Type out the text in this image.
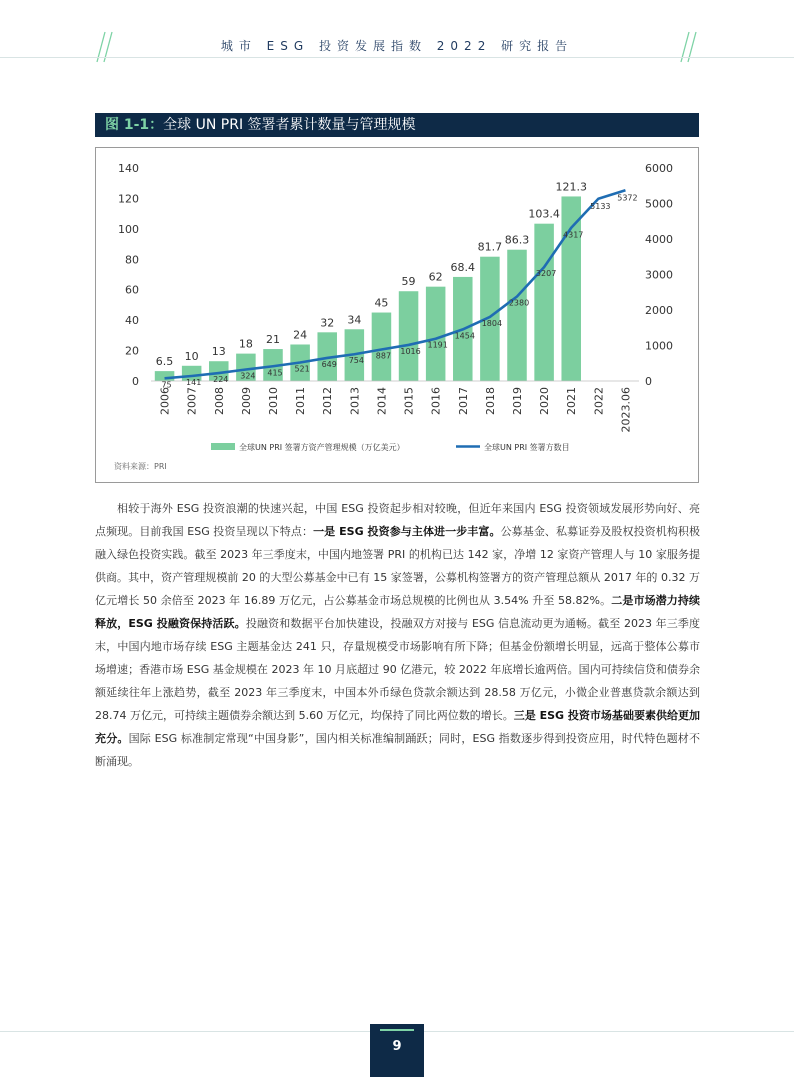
城市 ESG 投资发展指数 2022 研究报告
图 1-1：全球 UN PRI 签署者累计数量与管理规模
0
20
40
60
80
100
120
140
0
1000
2000
3000
4000
5000
6000
6.5 10 13
18 21 24
32 34
45
59 62
68.4
81.7
86.3
103.4
121.3
75 141 224 324 415 521
649 754
887
1016
1191
1454
1804
2380
3207
4317
5133
5372
2006 2007 2008 2009 2010 2011 2012 2013 2014 2015 2016 2017 2018 2019 2020 2021 2022 2023.06
全球UN PRI 签署方资产管理规模（万亿美元）	全球UN PRI 签署方数目
资料来源：PRI

相较于海外 ESG 投资浪潮的快速兴起，中国 ESG 投资起步相对较晚，但近年来国内 ESG 投资领域发展形势向好、亮点频现。目前我国 ESG 投资呈现以下特点：一是 ESG 投资参与主体进一步丰富。公募基金、私募证券及股权投资机构积极融入绿色投资实践。截至 2023 年三季度末，中国内地签署 PRI 的机构已达 142 家，净增 12 家资产管理人与 10 家服务提供商。其中，资产管理规模前 20 的大型公募基金中已有 15 家签署，公募机构签署方的资产管理总额从 2017 年的 0.32 万亿元增长 50 余倍至 2023 年 16.89 万亿元，占公募基金市场总规模的比例也从 3.54% 升至 58.82%。二是市场潜力持续释放，ESG 投融资保持活跃。投融资和数据平台加快建设，投融双方对接与 ESG 信息流动更为通畅。截至 2023 年三季度末，中国内地市场存续 ESG 主题基金达 241 只，存量规模受市场影响有所下降；但基金份额增长明显，远高于整体公募市场增速；香港市场 ESG 基金规模在 2023 年 10 月底超过 90 亿港元，较 2022 年底增长逾两倍。国内可持续信贷和债券余额延续往年上涨趋势，截至 2023 年三季度末，中国本外币绿色贷款余额达到 28.58 万亿元，小微企业普惠贷款余额达到 28.74 万亿元，可持续主题债券余额达到 5.60 万亿元，均保持了同比两位数的增长。三是 ESG 投资市场基础要素供给更加充分。国际 ESG 标准制定常现“中国身影”，国内相关标准编制踊跃；同时，ESG 指数逐步得到投资应用，时代特色题材不断涌现。

9
